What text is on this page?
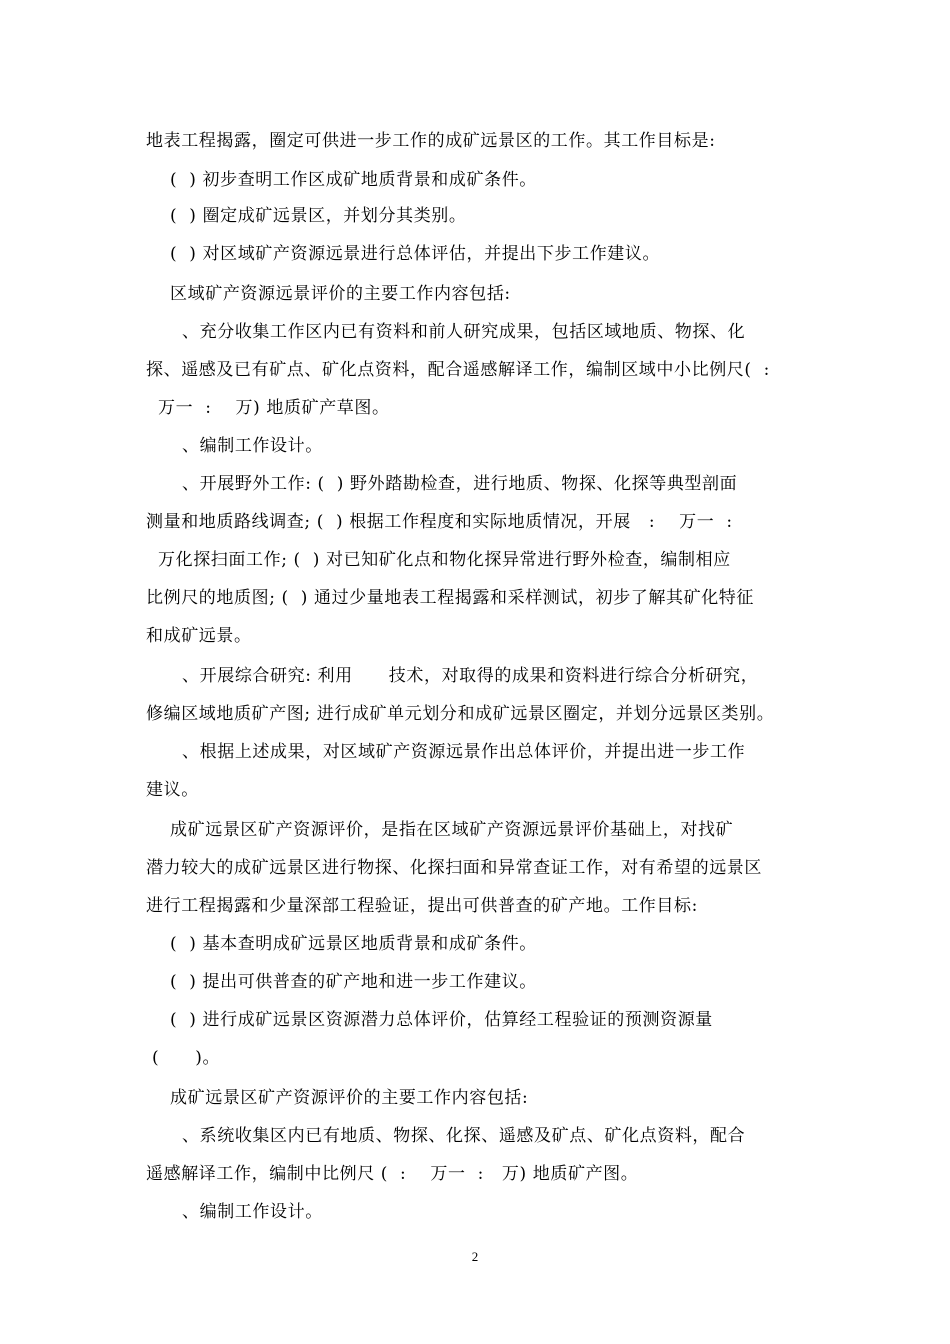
地表工程揭露，圈定可供进一步工作的成矿远景区的工作。其工作目标是:
(  ) 初步查明工作区成矿地质背景和成矿条件。
(  ) 圈定成矿远景区，并划分其类别。
(  ) 对区域矿产资源远景进行总体评估，并提出下步工作建议。
区域矿产资源远景评价的主要工作内容包括:
、充分收集工作区内已有资料和前人研究成果，包括区域地质、物探、化
探、遥感及已有矿点、矿化点资料，配合遥感解译工作，编制区域中小比例尺(  :
万一  :    万) 地质矿产草图。
、编制工作设计。
、开展野外工作: (  ) 野外踏勘检查，进行地质、物探、化探等典型剖面
测量和地质路线调查; (  ) 根据工作程度和实际地质情况，开展   :    万一  :
万化探扫面工作; (  ) 对已知矿化点和物化探异常进行野外检查，编制相应
比例尺的地质图; (  ) 通过少量地表工程揭露和采样测试，初步了解其矿化特征
和成矿远景。
、开展综合研究: 利用      技术，对取得的成果和资料进行综合分析研究，
修编区域地质矿产图; 进行成矿单元划分和成矿远景区圈定，并划分远景区类别。
、根据上述成果，对区域矿产资源远景作出总体评价，并提出进一步工作
建议。
成矿远景区矿产资源评价，是指在区域矿产资源远景评价基础上，对找矿
潜力较大的成矿远景区进行物探、化探扫面和异常查证工作，对有希望的远景区
进行工程揭露和少量深部工程验证，提出可供普查的矿产地。工作目标:
(  ) 基本查明成矿远景区地质背景和成矿条件。
(  ) 提出可供普查的矿产地和进一步工作建议。
(  ) 进行成矿远景区资源潜力总体评价，估算经工程验证的预测资源量
(      )。
成矿远景区矿产资源评价的主要工作内容包括:
、系统收集区内已有地质、物探、化探、遥感及矿点、矿化点资料，配合
遥感解译工作，编制中比例尺 (  :    万一  :   万) 地质矿产图。
、编制工作设计。
2
